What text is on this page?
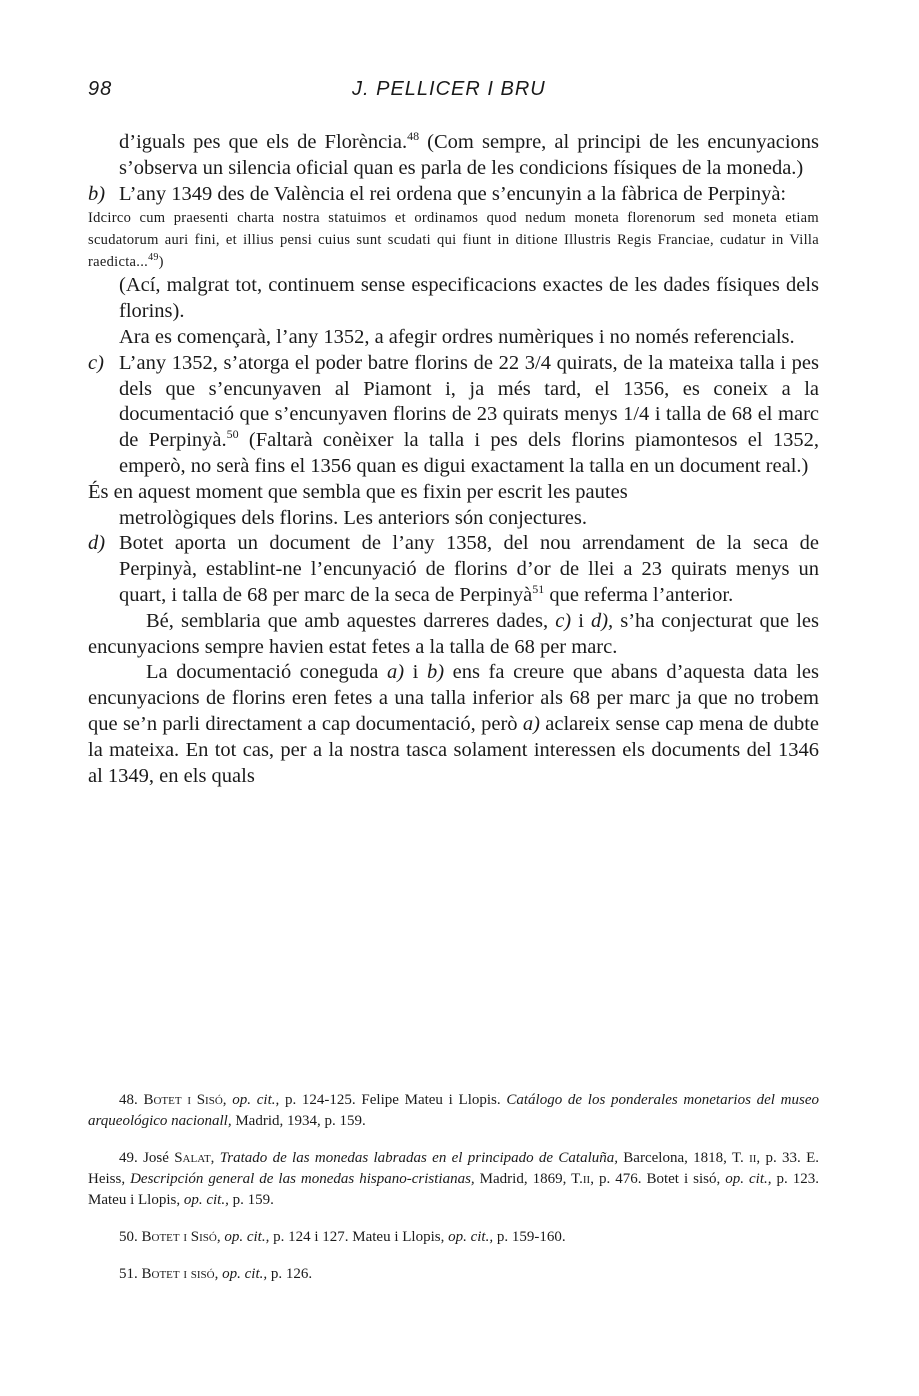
98	J. PELLICER I BRU

d’iguals pes que els de Florència.$^{48}$ (Com sempre, al principi de les encunyacions s’observa un silencia oficial quan es parla de les condicions físiques de la moneda.)

b) L’any 1349 des de València el rei ordena que s’encunyin a la fàbrica de Perpinyà:

Idcirco cum praesenti charta nostra statuimos et ordinamos quod nedum moneta florenorum sed moneta etiam scudatorum auri fini, et illius pensi cuius sunt scudati qui fiunt in ditione Illustris Regis Franciae, cudatur in Villa raedicta...$^{49}$)

(Ací, malgrat tot, continuem sense especificacions exactes de les dades físiques dels florins).

Ara es començarà, l’any 1352, a afegir ordres numèriques i no només referencials.

c) L’any 1352, s’atorga el poder batre florins de 22 3/4 quirats, de la mateixa talla i pes dels que s’encunyaven al Piamont i, ja més tard, el 1356, es coneix a la documentació que s’encunyaven florins de 23 quirats menys 1/4 i talla de 68 el marc de Perpinyà.$^{50}$ (Faltarà conèixer la talla i pes dels florins piamontesos el 1352, emperò, no serà fins el 1356 quan es digui exactament la talla en un document real.)

És en aquest moment que sembla que es fixin per escrit les pautes

metrològiques dels florins. Les anteriors són conjectures.

d) Botet aporta un document de l’any 1358, del nou arrendament de la seca de Perpinyà, establint-ne l’encunyació de florins d’or de llei a 23 quirats menys un quart, i talla de 68 per marc de la seca de Perpinyà$^{51}$ que referma l’anterior.

Bé, semblaria que amb aquestes darreres dades, c) i d), s’ha conjecturat que les encunyacions sempre havien estat fetes a la talla de 68 per marc.

La documentació coneguda a) i b) ens fa creure que abans d’aquesta data les encunyacions de florins eren fetes a una talla inferior als 68 per marc ja que no trobem que se’n parli directament a cap documentació, però a) aclareix sense cap mena de dubte la mateixa. En tot cas, per a la nostra tasca solament interessen els documents del 1346 al 1349, en els quals

48. Botet i Sisó, op. cit., p. 124-125. Felipe Mateu i Llopis. Catálogo de los ponderales monetarios del museo arqueológico nacionall, Madrid, 1934, p. 159.

49. José Salat, Tratado de las monedas labradas en el principado de Cataluña, Barcelona, 1818, T. ii, p. 33. E. Heiss, Descripción general de las monedas hispano-cristianas, Madrid, 1869, T.ii, p. 476. Botet i sisó, op. cit., p. 123. Mateu i Llopis, op. cit., p. 159.

50. Botet i Sisó, op. cit., p. 124 i 127. Mateu i Llopis, op. cit., p. 159-160.

51. Botet i sisó, op. cit., p. 126.
